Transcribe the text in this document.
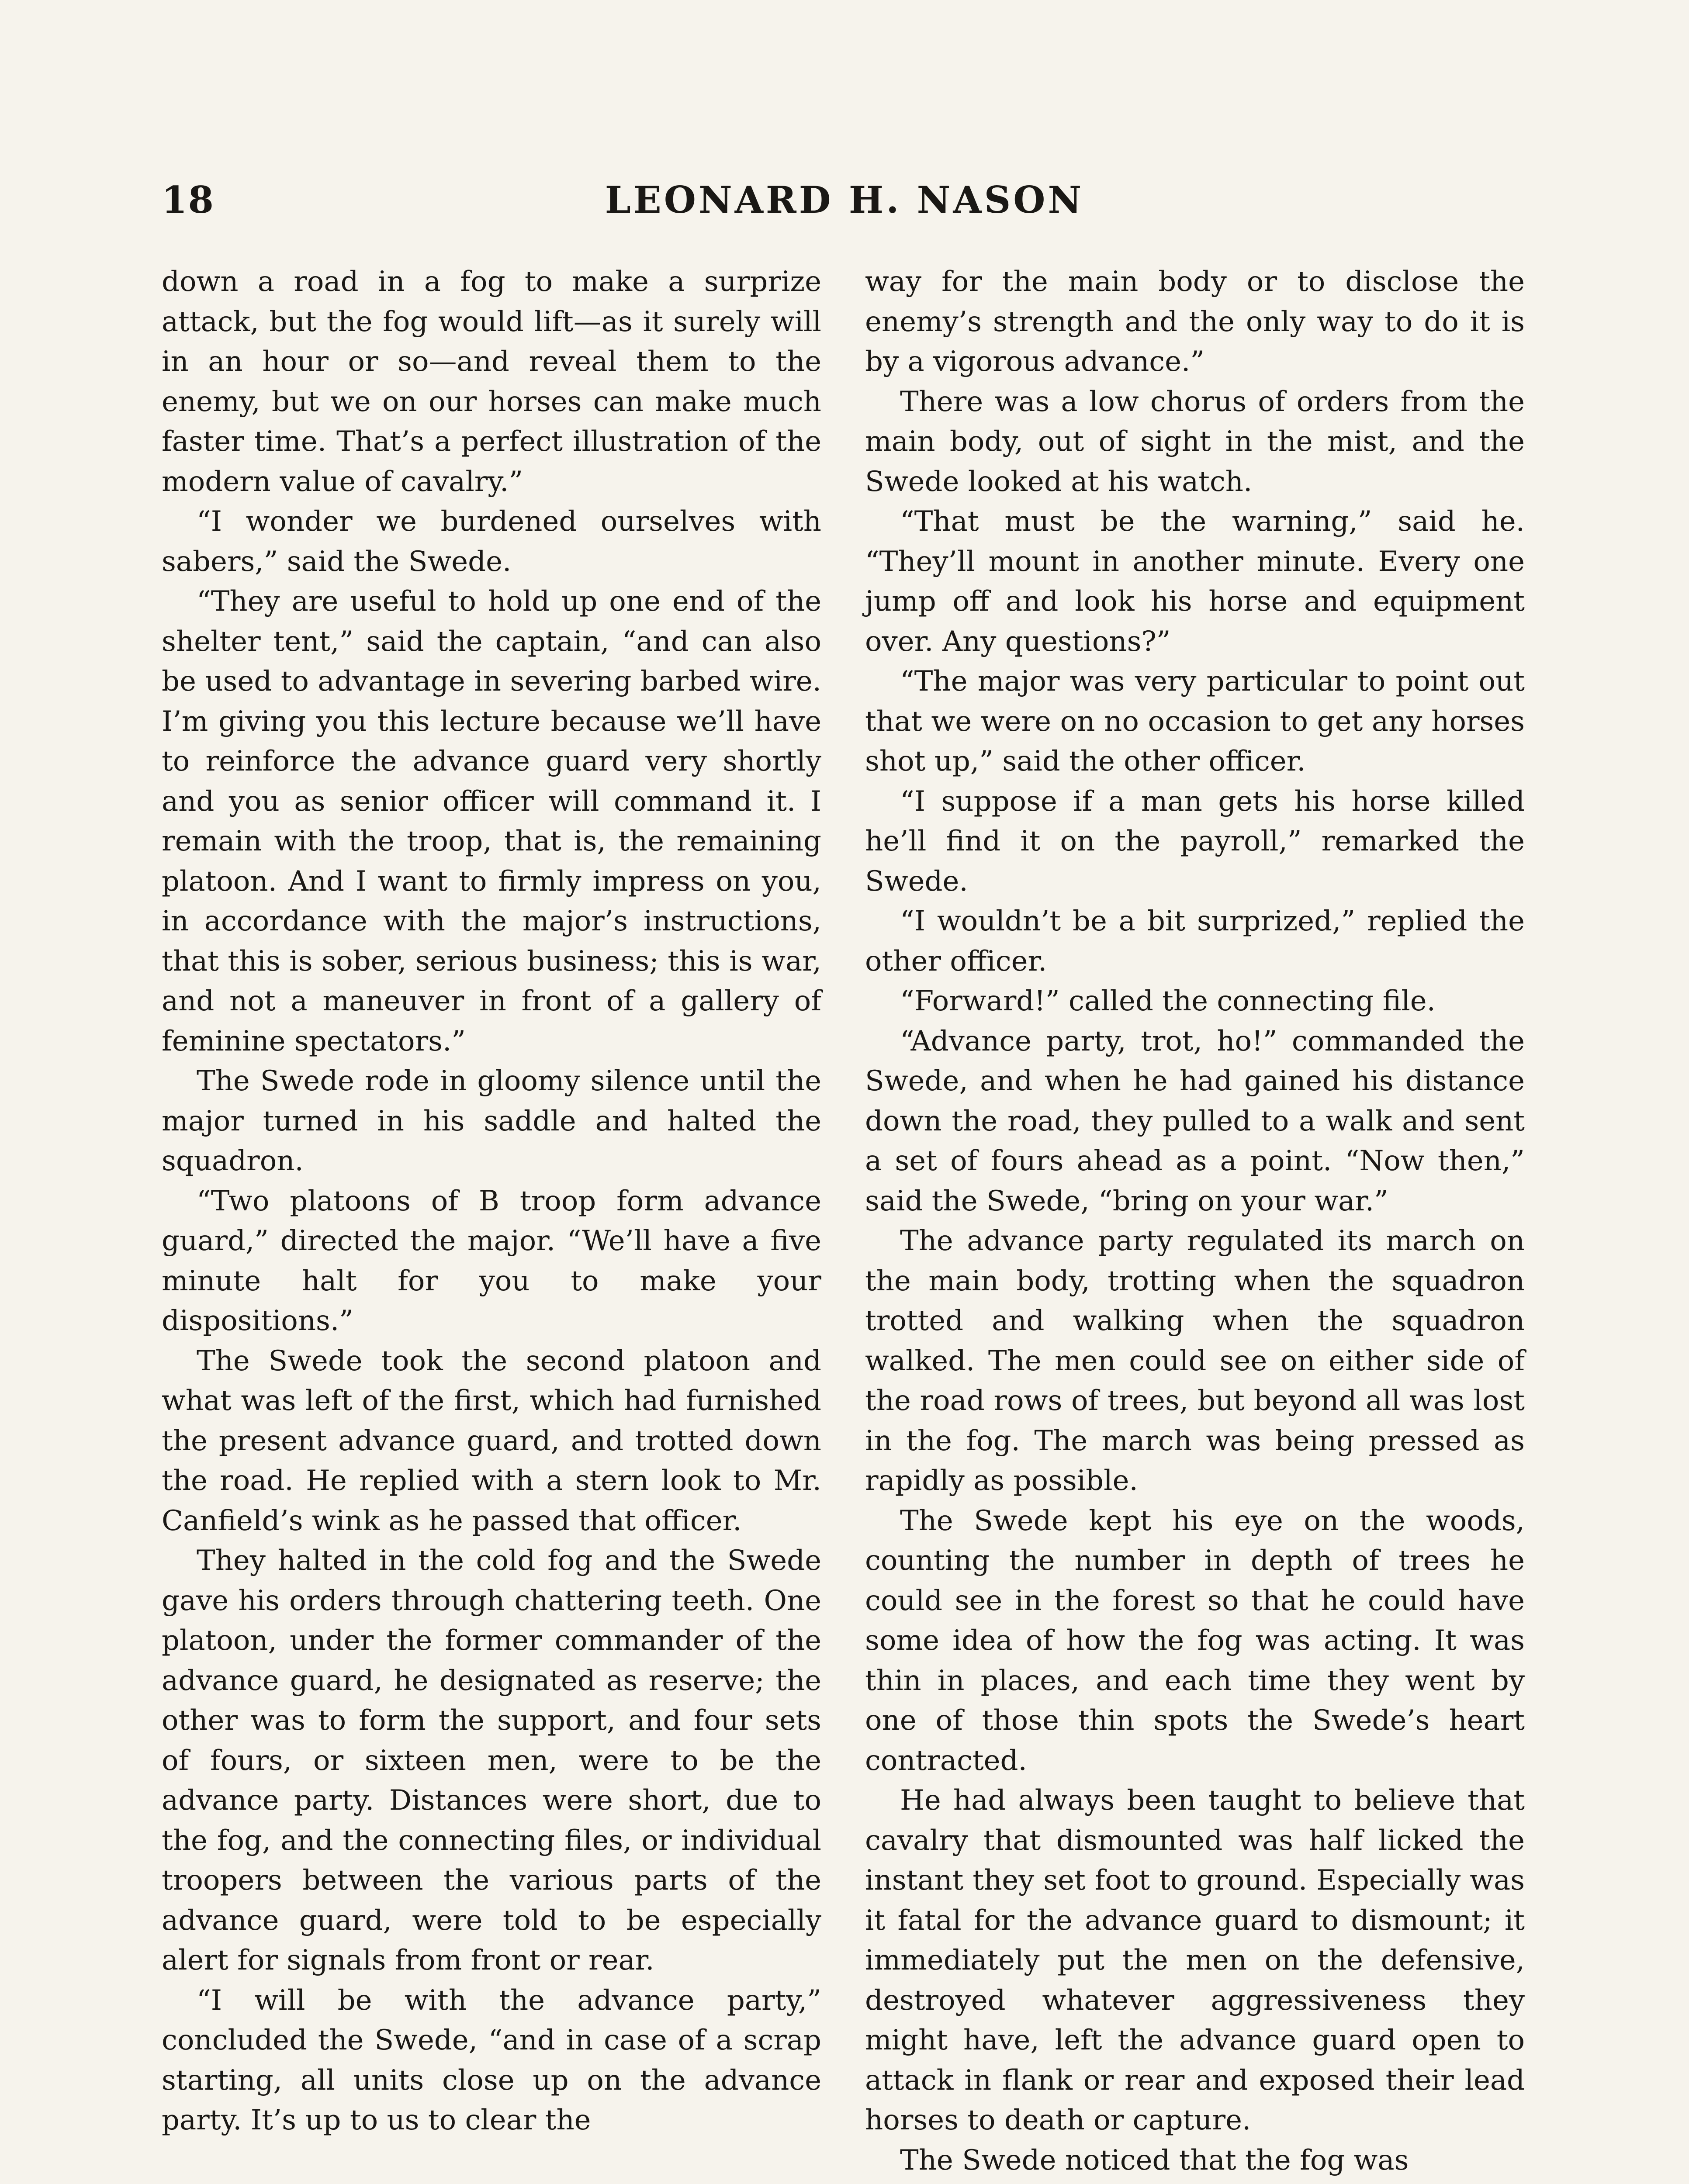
18	LEONARD H. NASON

down a road in a fog to make a surprize attack, but the fog would lift—as it surely will in an hour or so—and reveal them to the enemy, but we on our horses can make much faster time. That’s a perfect illustration of the modern value of cavalry.”

“I wonder we burdened ourselves with sabers,” said the Swede.

“They are useful to hold up one end of the shelter tent,” said the captain, “and can also be used to advantage in severing barbed wire. I’m giving you this lecture because we’ll have to reinforce the advance guard very shortly and you as senior officer will command it. I remain with the troop, that is, the remaining platoon. And I want to firmly impress on you, in accordance with the major’s instructions, that this is sober, serious business; this is war, and not a maneuver in front of a gallery of feminine spectators.”

The Swede rode in gloomy silence until the major turned in his saddle and halted the squadron.

“Two platoons of B troop form advance guard,” directed the major. “We’ll have a five minute halt for you to make your dispositions.”

The Swede took the second platoon and what was left of the first, which had furnished the present advance guard, and trotted down the road. He replied with a stern look to Mr. Canfield’s wink as he passed that officer.

They halted in the cold fog and the Swede gave his orders through chattering teeth. One platoon, under the former commander of the advance guard, he designated as reserve; the other was to form the support, and four sets of fours, or sixteen men, were to be the advance party. Distances were short, due to the fog, and the connecting files, or individual troopers between the various parts of the advance guard, were told to be especially alert for signals from front or rear.

“I will be with the advance party,” concluded the Swede, “and in case of a scrap starting, all units close up on the advance party. It’s up to us to clear the

way for the main body or to disclose the enemy’s strength and the only way to do it is by a vigorous advance.”

There was a low chorus of orders from the main body, out of sight in the mist, and the Swede looked at his watch.

“That must be the warning,” said he. “They’ll mount in another minute. Every one jump off and look his horse and equipment over. Any questions?”

“The major was very particular to point out that we were on no occasion to get any horses shot up,” said the other officer.

“I suppose if a man gets his horse killed he’ll find it on the payroll,” remarked the Swede.

“I wouldn’t be a bit surprized,” replied the other officer.

“Forward!” called the connecting file.

“Advance party, trot, ho!” commanded the Swede, and when he had gained his distance down the road, they pulled to a walk and sent a set of fours ahead as a point. “Now then,” said the Swede, “bring on your war.”

The advance party regulated its march on the main body, trotting when the squadron trotted and walking when the squadron walked. The men could see on either side of the road rows of trees, but beyond all was lost in the fog. The march was being pressed as rapidly as possible.

The Swede kept his eye on the woods, counting the number in depth of trees he could see in the forest so that he could have some idea of how the fog was acting. It was thin in places, and each time they went by one of those thin spots the Swede’s heart contracted.

He had always been taught to believe that cavalry that dismounted was half licked the instant they set foot to ground. Especially was it fatal for the advance guard to dismount; it immediately put the men on the defensive, destroyed whatever aggressiveness they might have, left the advance guard open to attack in flank or rear and exposed their lead horses to death or capture.

The Swede noticed that the fog was
